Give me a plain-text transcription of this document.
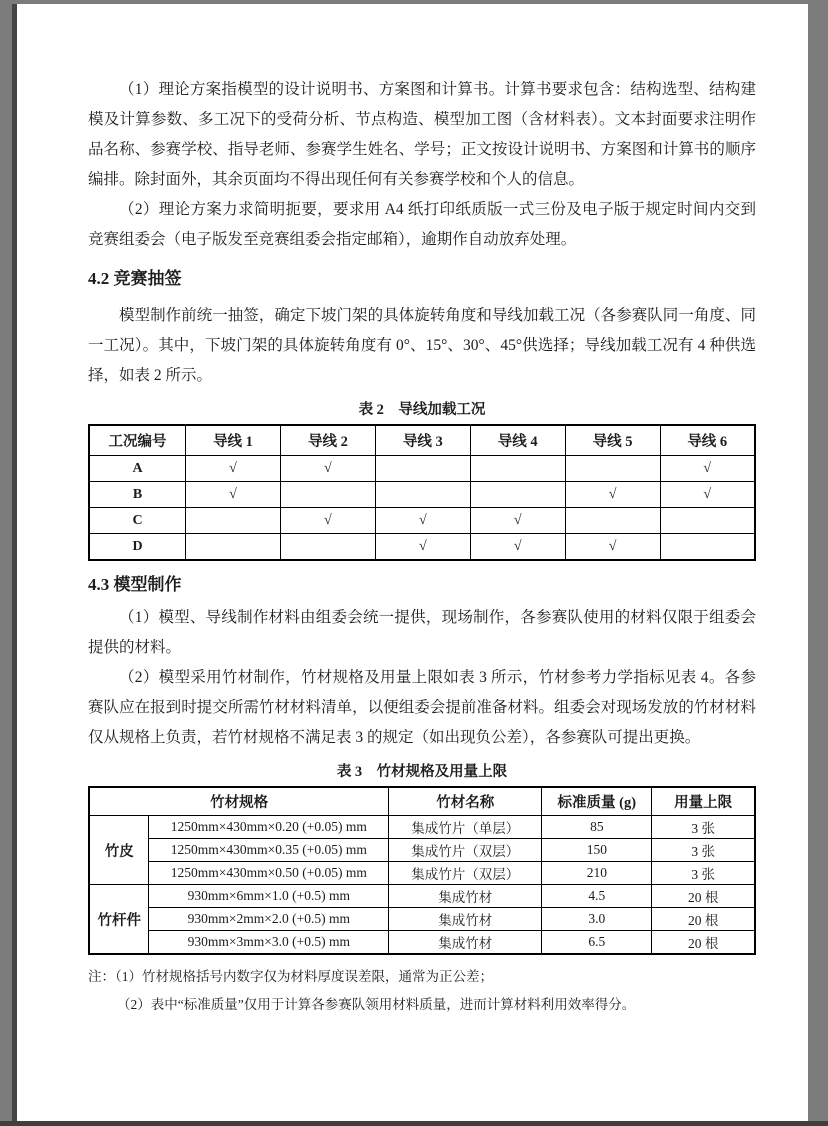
（1）理论方案指模型的设计说明书、方案图和计算书。计算书要求包含：结构选型、结构建模及计算参数、多工况下的受荷分析、节点构造、模型加工图（含材料表）。文本封面要求注明作品名称、参赛学校、指导老师、参赛学生姓名、学号；正文按设计说明书、方案图和计算书的顺序编排。除封面外，其余页面均不得出现任何有关参赛学校和个人的信息。

（2）理论方案力求简明扼要，要求用 A4 纸打印纸质版一式三份及电子版于规定时间内交到竞赛组委会（电子版发至竞赛组委会指定邮箱），逾期作自动放弃处理。

4.2 竞赛抽签

模型制作前统一抽签，确定下坡门架的具体旋转角度和导线加载工况（各参赛队同一角度、同一工况）。其中，下坡门架的具体旋转角度有 0°、15°、30°、45°供选择；导线加载工况有 4 种供选择，如表 2 所示。

表 2　导线加载工况
工况编号	导线 1	导线 2	导线 3	导线 4	导线 5	导线 6
A	√	√				√
B	√				√	√
C		√	√	√		
D			√	√	√	
4.3 模型制作

（1）模型、导线制作材料由组委会统一提供，现场制作，各参赛队使用的材料仅限于组委会提供的材料。

（2）模型采用竹材制作，竹材规格及用量上限如表 3 所示，竹材参考力学指标见表 4。各参赛队应在报到时提交所需竹材材料清单，以便组委会提前准备材料。组委会对现场发放的竹材材料仅从规格上负责，若竹材规格不满足表 3 的规定（如出现负公差），各参赛队可提出更换。

表 3　竹材规格及用量上限
竹材规格		竹材名称	标准质量 (g)	用量上限
竹皮	1250mm×430mm×0.20 (+0.05) mm	集成竹片（单层）	85	3 张
	1250mm×430mm×0.35 (+0.05) mm	集成竹片（双层）	150	3 张
	1250mm×430mm×0.50 (+0.05) mm	集成竹片（双层）	210	3 张
竹杆件	930mm×6mm×1.0 (+0.5) mm	集成竹材	4.5	20 根
	930mm×2mm×2.0 (+0.5) mm	集成竹材	3.0	20 根
	930mm×3mm×3.0 (+0.5) mm	集成竹材	6.5	20 根

注：（1）竹材规格括号内数字仅为材料厚度误差限，通常为正公差；

（2）表中“标准质量”仅用于计算各参赛队领用材料质量，进而计算材料利用效率得分。
